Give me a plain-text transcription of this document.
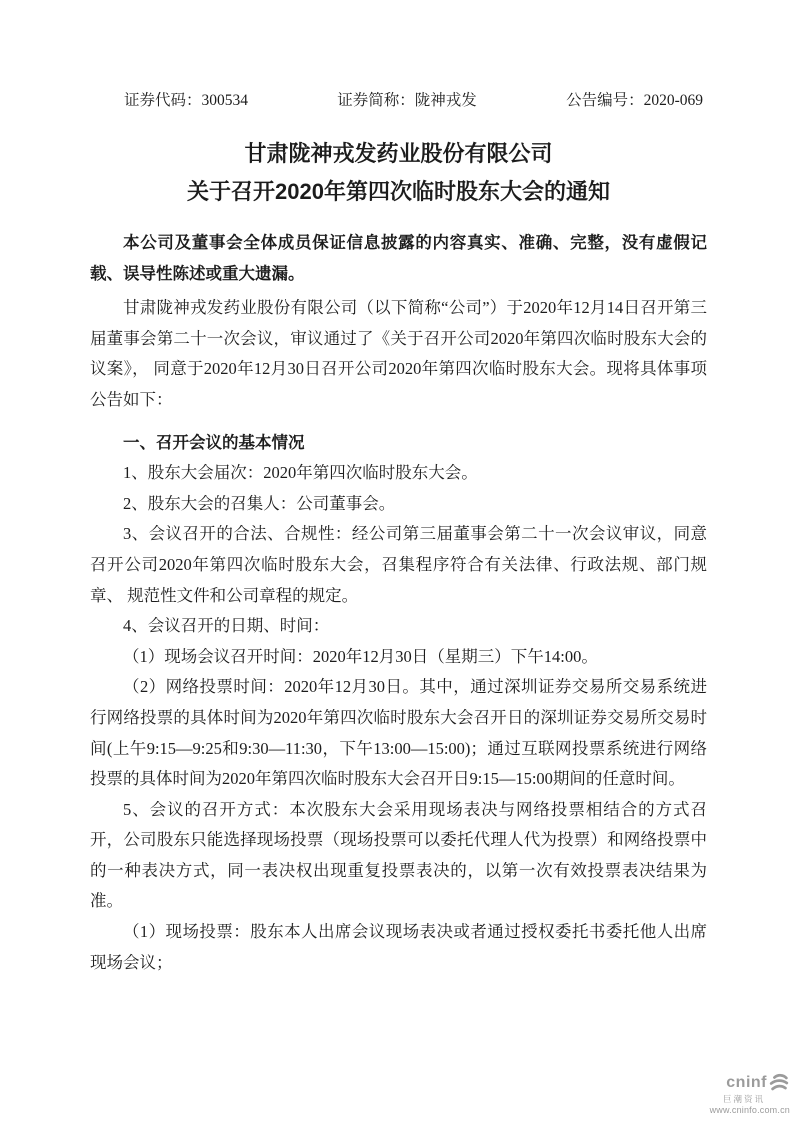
证券代码：300534	证券简称：陇神戎发	公告编号：2020-069
甘肃陇神戎发药业股份有限公司
关于召开2020年第四次临时股东大会的通知

本公司及董事会全体成员保证信息披露的内容真实、准确、完整，没有虚假记载、误导性陈述或重大遗漏。

甘肃陇神戎发药业股份有限公司（以下简称“公司”）于2020年12月14日召开第三届董事会第二十一次会议，审议通过了《关于召开公司2020年第四次临时股东大会的议案》， 同意于2020年12月30日召开公司2020年第四次临时股东大会。现将具体事项公告如下：

一、召开会议的基本情况

1、股东大会届次：2020年第四次临时股东大会。

2、股东大会的召集人：公司董事会。

3、会议召开的合法、合规性：经公司第三届董事会第二十一次会议审议，同意召开公司2020年第四次临时股东大会，召集程序符合有关法律、行政法规、部门规章、 规范性文件和公司章程的规定。

4、会议召开的日期、时间：

（1）现场会议召开时间：2020年12月30日（星期三）下午14:00。

（2）网络投票时间：2020年12月30日。其中，通过深圳证券交易所交易系统进行网络投票的具体时间为2020年第四次临时股东大会召开日的深圳证券交易所交易时间(上午9:15—9:25和9:30—11:30，下午13:00—15:00)；通过互联网投票系统进行网络投票的具体时间为2020年第四次临时股东大会召开日9:15—15:00期间的任意时间。

5、会议的召开方式：本次股东大会采用现场表决与网络投票相结合的方式召开，公司股东只能选择现场投票（现场投票可以委托代理人代为投票）和网络投票中的一种表决方式，同一表决权出现重复投票表决的，以第一次有效投票表决结果为准。

（1）现场投票：股东本人出席会议现场表决或者通过授权委托书委托他人出席现场会议；

cninf
巨潮资讯
www.cninfo.com.cn
